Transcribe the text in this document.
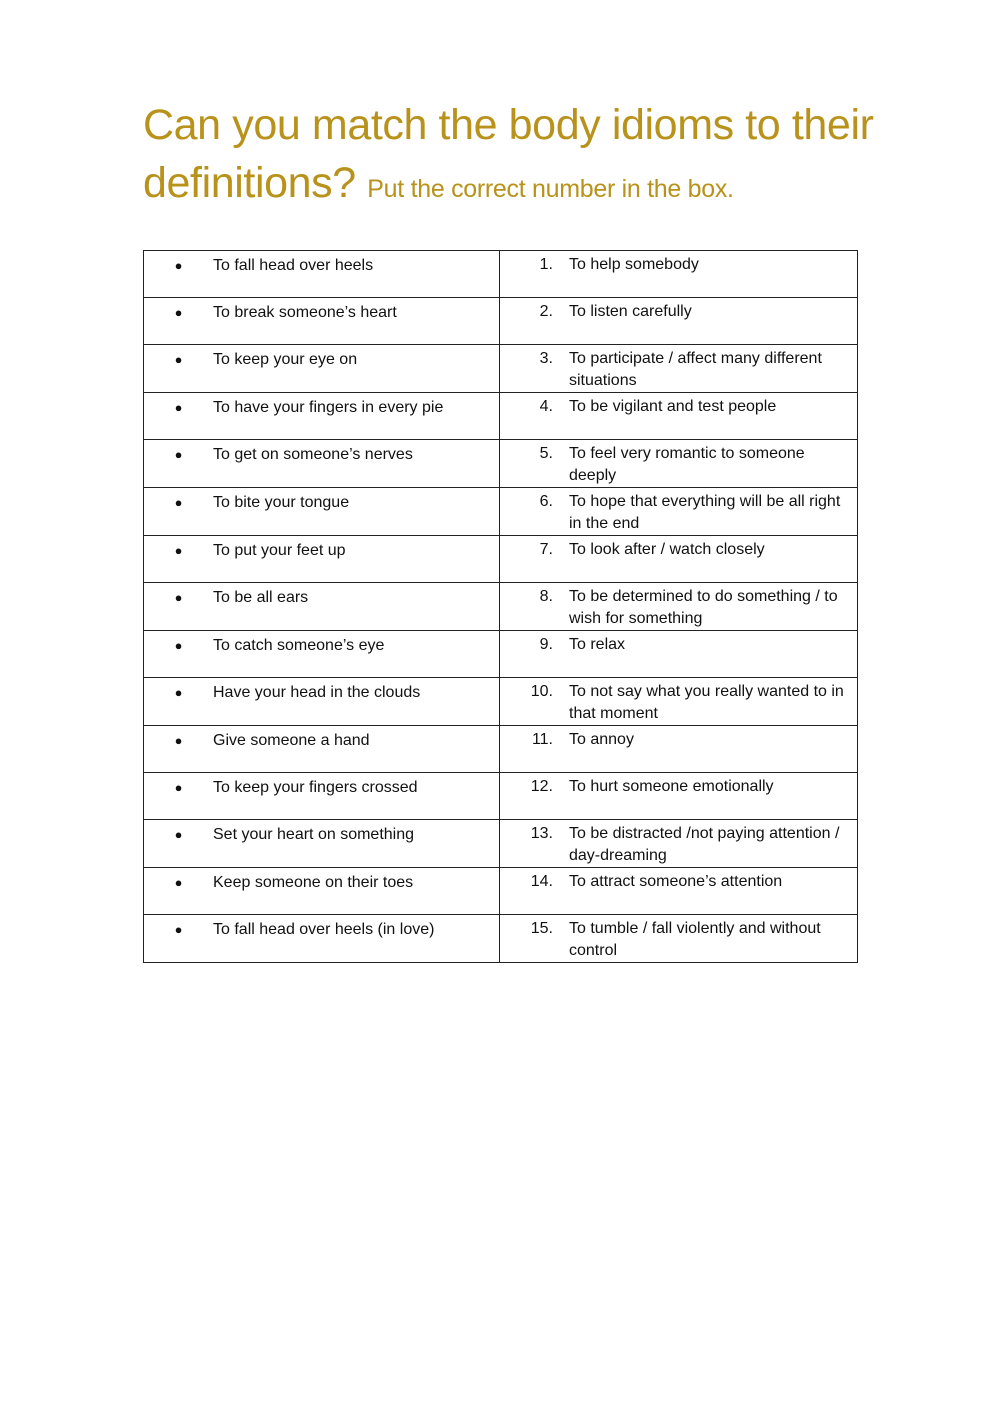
Can you match the body idioms to their definitions? Put the correct number in the box.
● To fall head over heels	1. To help somebody

● To break someone’s heart	2. To listen carefully

● To keep your eye on	3. To participate / affect many different situations

● To have your fingers in every pie	4. To be vigilant and test people

● To get on someone’s nerves	5. To feel very romantic to someone deeply

● To bite your tongue	6. To hope that everything will be all right in the end

● To put your feet up	7. To look after / watch closely

● To be all ears	8. To be determined to do something / to wish for something

● To catch someone’s eye	9. To relax

● Have your head in the clouds	10. To not say what you really wanted to in that moment

● Give someone a hand	11. To annoy

● To keep your fingers crossed	12. To hurt someone emotionally

● Set your heart on something	13. To be distracted /not paying attention / day-dreaming

● Keep someone on their toes	14. To attract someone’s attention

● To fall head over heels (in love)	15. To tumble / fall violently and without control
